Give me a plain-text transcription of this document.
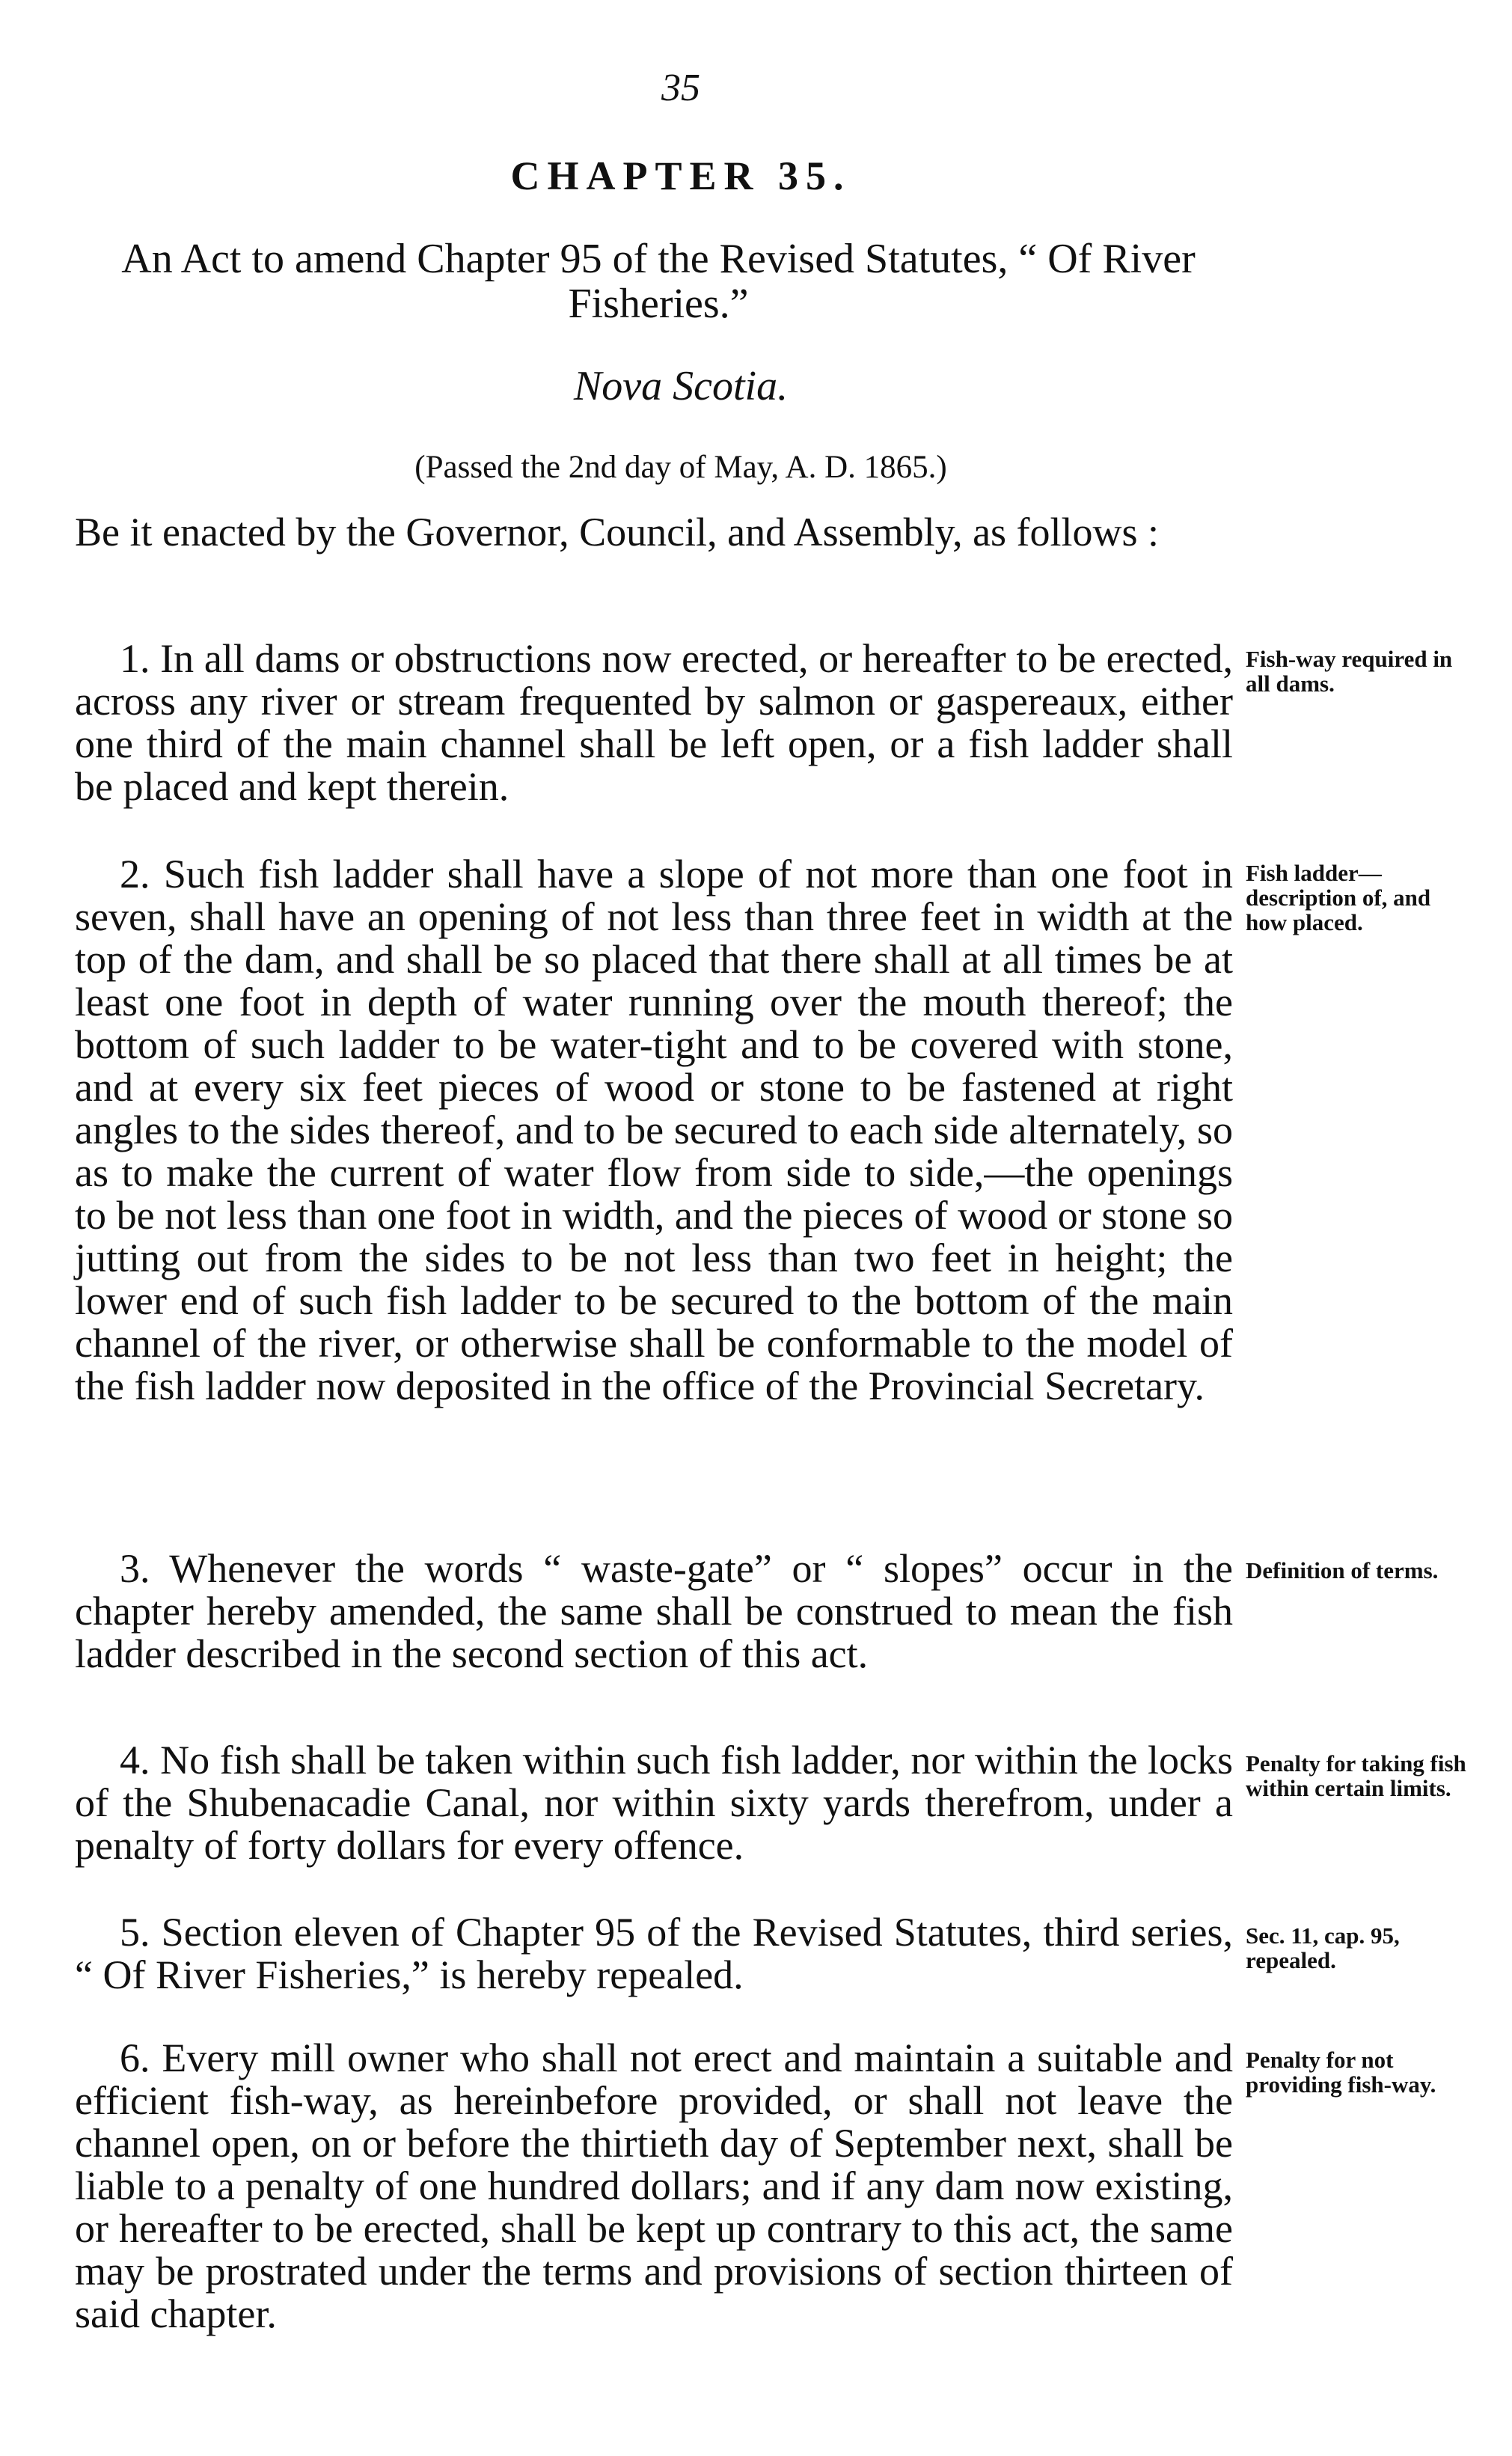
35
CHAPTER 35.
An Act to amend Chapter 95 of the Revised Statutes, “ Of River Fisheries.”
Nova Scotia.
(Passed the 2nd day of May, A. D. 1865.)
Be it enacted by the Governor, Council, and Assembly, as follows :
1. In all dams or obstructions now erected, or hereafter to be erected, across any river or stream frequented by salmon or gaspereaux, either one third of the main channel shall be left open, or a fish ladder shall be placed and kept therein.
Fish-way required in all dams.
2. Such fish ladder shall have a slope of not more than one foot in seven, shall have an opening of not less than three feet in width at the top of the dam, and shall be so placed that there shall at all times be at least one foot in depth of water running over the mouth thereof; the bottom of such ladder to be water-tight and to be covered with stone, and at every six feet pieces of wood or stone to be fastened at right angles to the sides thereof, and to be secured to each side alternately, so as to make the current of water flow from side to side,—the openings to be not less than one foot in width, and the pieces of wood or stone so jutting out from the sides to be not less than two feet in height; the lower end of such fish ladder to be secured to the bottom of the main channel of the river, or otherwise shall be conformable to the model of the fish ladder now deposited in the office of the Provincial Secretary.
Fish ladder—description of, and how placed.
3. Whenever the words “ waste-gate” or “ slopes” occur in the chapter hereby amended, the same shall be construed to mean the fish ladder described in the second section of this act.
Definition of terms.
4. No fish shall be taken within such fish ladder, nor within the locks of the Shubenacadie Canal, nor within sixty yards therefrom, under a penalty of forty dollars for every offence.
Penalty for taking fish within certain limits.
5. Section eleven of Chapter 95 of the Revised Statutes, third series, “ Of River Fisheries,” is hereby repealed.
Sec. 11, cap. 95, repealed.
6. Every mill owner who shall not erect and maintain a suitable and efficient fish-way, as hereinbefore provided, or shall not leave the channel open, on or before the thirtieth day of September next, shall be liable to a penalty of one hundred dollars; and if any dam now existing, or hereafter to be erected, shall be kept up contrary to this act, the same may be prostrated under the terms and provisions of section thirteen of said chapter.
Penalty for not providing fish-way.
